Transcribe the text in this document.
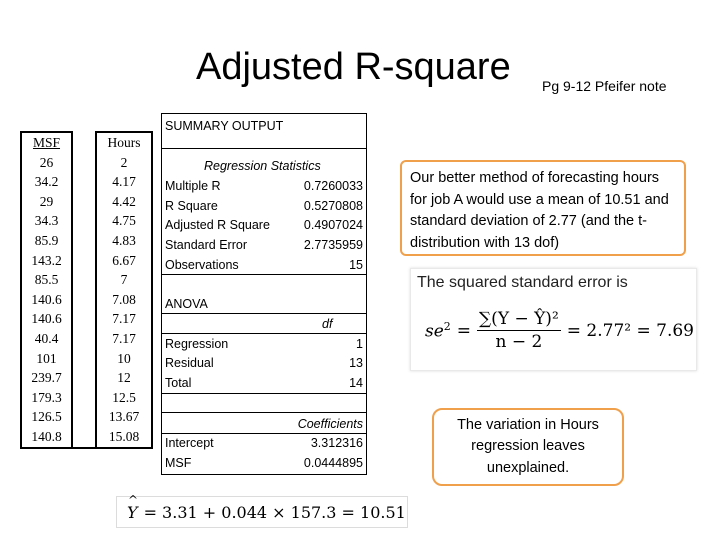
Adjusted R-square Pg 9-12 Pfeifer note
MSF		Hours
26		2
34.2		4.17
29		4.42
34.3		4.75
85.9		4.83
143.2		6.67
85.5		7
140.6		7.08
140.6		7.17
40.4		7.17
101		10
239.7		12
179.3		12.5
126.5		13.67
140.8		15.08
SUMMARY OUTPUT
Regression Statistics
Multiple R	0.7260033
R Square	0.5270808
Adjusted R Square	0.4907024
Standard Error	2.7735959
Observations	15
ANOVA
df
Regression	1
Residual	13
Total	14
Coefficients
Intercept	3.312316
MSF	0.0444895
Our better method of forecasting hours for job A would use a mean of 10.51 and standard deviation of 2.77 (and the t-distribution with 13 dof)
The squared standard error is
$se^2 = \frac{\text{∑(Y − Ŷ)²}}{n - 2} = 2.77^2 = 7.69$
The variation in Hours regression leaves unexplained.
^ Y = 3.31 + 0.044 × 157.3 = 10.51
